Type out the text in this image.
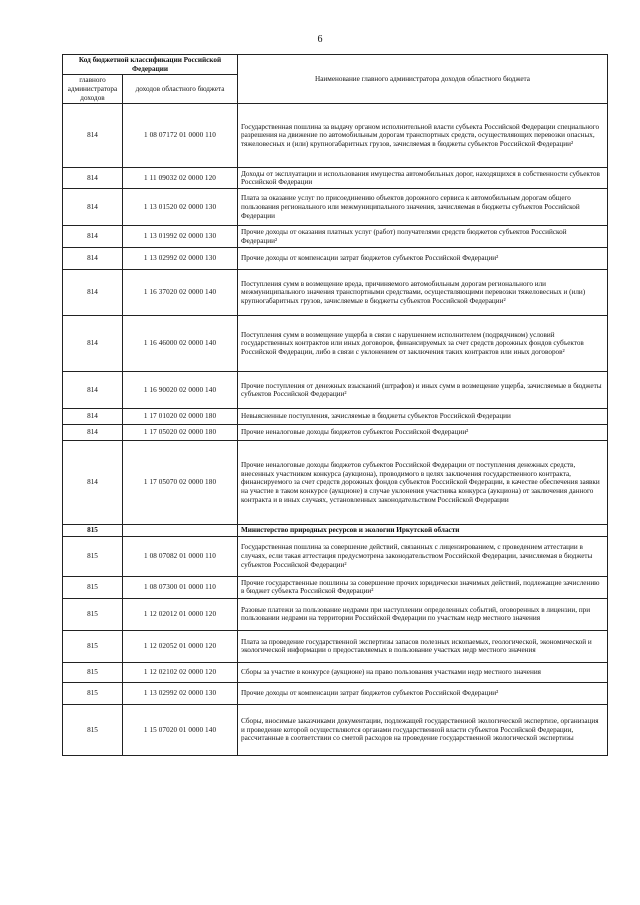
6
Код бюджетной классификации Российской Федерации		Наименование главного администратора доходов областного бюджета
главного администратора доходов	доходов областного бюджета	
814	1 08 07172 01 0000 110	Государственная пошлина за выдачу органом исполнительной власти субъекта Российской Федерации специального разрешения на движение по автомобильным дорогам транспортных средств, осуществляющих перевозки опасных, тяжеловесных и (или) крупногабаритных грузов, зачисляемая в бюджеты субъектов Российской Федерации²
814	1 11 09032 02 0000 120	Доходы от эксплуатации и использования имущества автомобильных дорог, находящихся в собственности субъектов Российской Федерации
814	1 13 01520 02 0000 130	Плата за оказание услуг по присоединению объектов дорожного сервиса к автомобильным дорогам общего пользования регионального или межмуниципального значения, зачисляемая в бюджеты субъектов Российской Федерации
814	1 13 01992 02 0000 130	Прочие доходы от оказания платных услуг (работ) получателями средств бюджетов субъектов Российской Федерации²
814	1 13 02992 02 0000 130	Прочие доходы от компенсации затрат бюджетов субъектов Российской Федерации²
814	1 16 37020 02 0000 140	Поступления сумм в возмещение вреда, причиняемого автомобильным дорогам регионального или межмуниципального значения транспортными средствами, осуществляющими перевозки тяжеловесных и (или) крупногабаритных грузов, зачисляемые в бюджеты субъектов Российской Федерации²
814	1 16 46000 02 0000 140	Поступления сумм в возмещение ущерба в связи с нарушением исполнителем (подрядчиком) условий государственных контрактов или иных договоров, финансируемых за счет средств дорожных фондов субъектов Российской Федерации, либо в связи с уклонением от заключения таких контрактов или иных договоров²
814	1 16 90020 02 0000 140	Прочие поступления от денежных взысканий (штрафов) и иных сумм в возмещение ущерба, зачисляемые в бюджеты субъектов Российской Федерации²
814	1 17 01020 02 0000 180	Невыясненные поступления, зачисляемые в бюджеты субъектов Российской Федерации
814	1 17 05020 02 0000 180	Прочие неналоговые доходы бюджетов субъектов Российской Федерации²
814	1 17 05070 02 0000 180	Прочие неналоговые доходы бюджетов субъектов Российской Федерации от поступления денежных средств, внесенных участником конкурса (аукциона), проводимого в целях заключения государственного контракта, финансируемого за счет средств дорожных фондов субъектов Российской Федерации, в качестве обеспечения заявки на участие в таком конкурсе (аукционе) в случае уклонения участника конкурса (аукциона) от заключения данного контракта и в иных случаях, установленных законодательством Российской Федерации
815		Министерство природных ресурсов и экологии Иркутской области
815	1 08 07082 01 0000 110	Государственная пошлина за совершение действий, связанных с лицензированием, с проведением аттестации в случаях, если такая аттестация предусмотрена законодательством Российской Федерации, зачисляемая в бюджеты субъектов Российской Федерации²
815	1 08 07300 01 0000 110	Прочие государственные пошлины за совершение прочих юридически значимых действий, подлежащие зачислению в бюджет субъекта Российской Федерации²
815	1 12 02012 01 0000 120	Разовые платежи за пользование недрами при наступлении определенных событий, оговоренных в лицензии, при пользовании недрами на территории Российской Федерации по участкам недр местного значения
815	1 12 02052 01 0000 120	Плата за проведение государственной экспертизы запасов полезных ископаемых, геологической, экономической и экологической информации о предоставляемых в пользование участках недр местного значения
815	1 12 02102 02 0000 120	Сборы за участие в конкурсе (аукционе) на право пользования участками недр местного значения
815	1 13 02992 02 0000 130	Прочие доходы от компенсации затрат бюджетов субъектов Российской Федерации²
815	1 15 07020 01 0000 140	Сборы, вносимые заказчиками документации, подлежащей государственной экологической экспертизе, организация и проведение которой осуществляются органами государственной власти субъектов Российской Федерации, рассчитанные в соответствии со сметой расходов на проведение государственной экологической экспертизы
